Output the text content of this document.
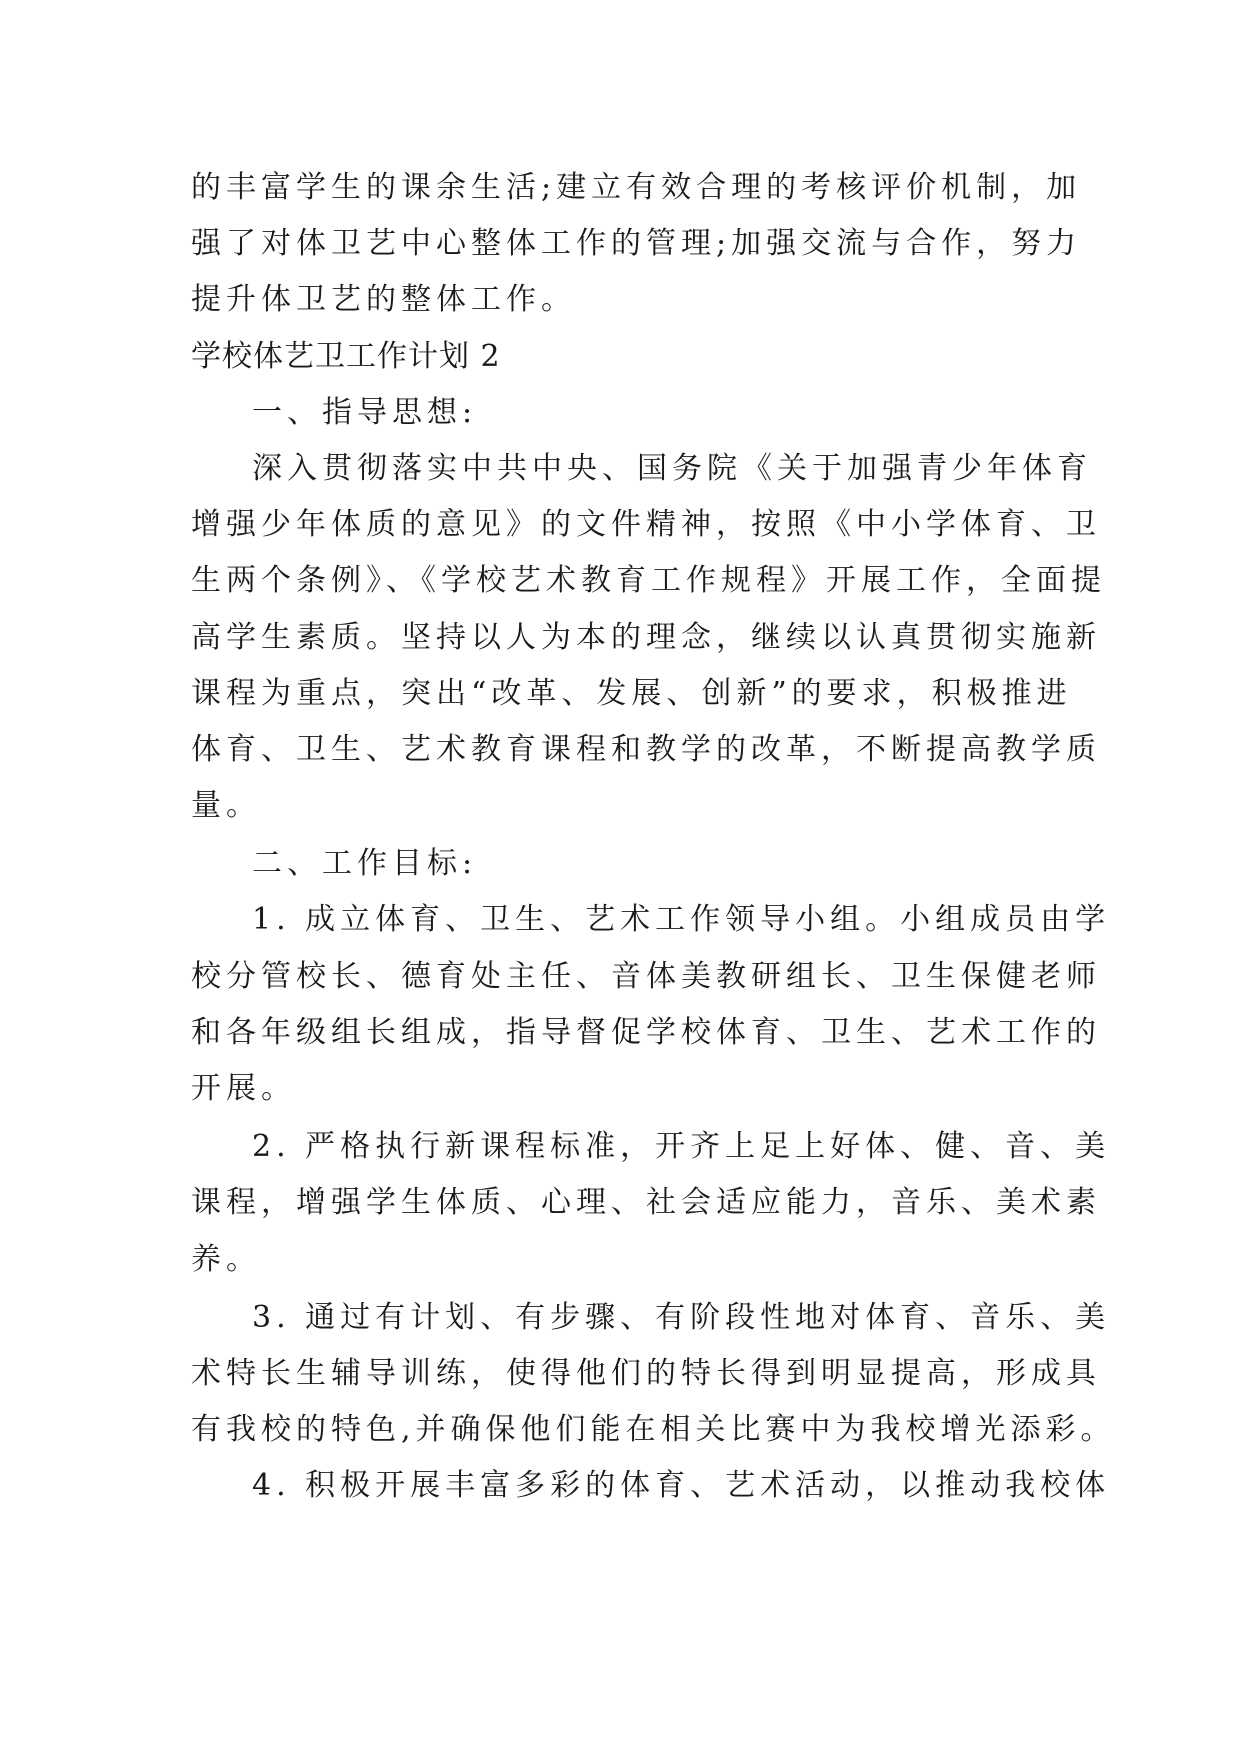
的丰富学生的课余生活;建立有效合理的考核评价机制，加

强了对体卫艺中心整体工作的管理;加强交流与合作，努力

提升体卫艺的整体工作。

学校体艺卫工作计划 2

一、指导思想:

深入贯彻落实中共中央、国务院《关于加强青少年体育

增强少年体质的意见》的文件精神，按照《中小学体育、卫

生两个条例》、《学校艺术教育工作规程》开展工作，全面提

高学生素质。坚持以人为本的理念，继续以认真贯彻实施新

课程为重点，突出“改革、发展、创新”的要求，积极推进

体育、卫生、艺术教育课程和教学的改革，不断提高教学质

量。

二、工作目标:

1. 成立体育、卫生、艺术工作领导小组。小组成员由学

校分管校长、德育处主任、音体美教研组长、卫生保健老师

和各年级组长组成，指导督促学校体育、卫生、艺术工作的

开展。

2. 严格执行新课程标准，开齐上足上好体、健、音、美

课程，增强学生体质、心理、社会适应能力，音乐、美术素

养。

3. 通过有计划、有步骤、有阶段性地对体育、音乐、美

术特长生辅导训练，使得他们的特长得到明显提高，形成具

有我校的特色,并确保他们能在相关比赛中为我校增光添彩。

4. 积极开展丰富多彩的体育、艺术活动，以推动我校体
